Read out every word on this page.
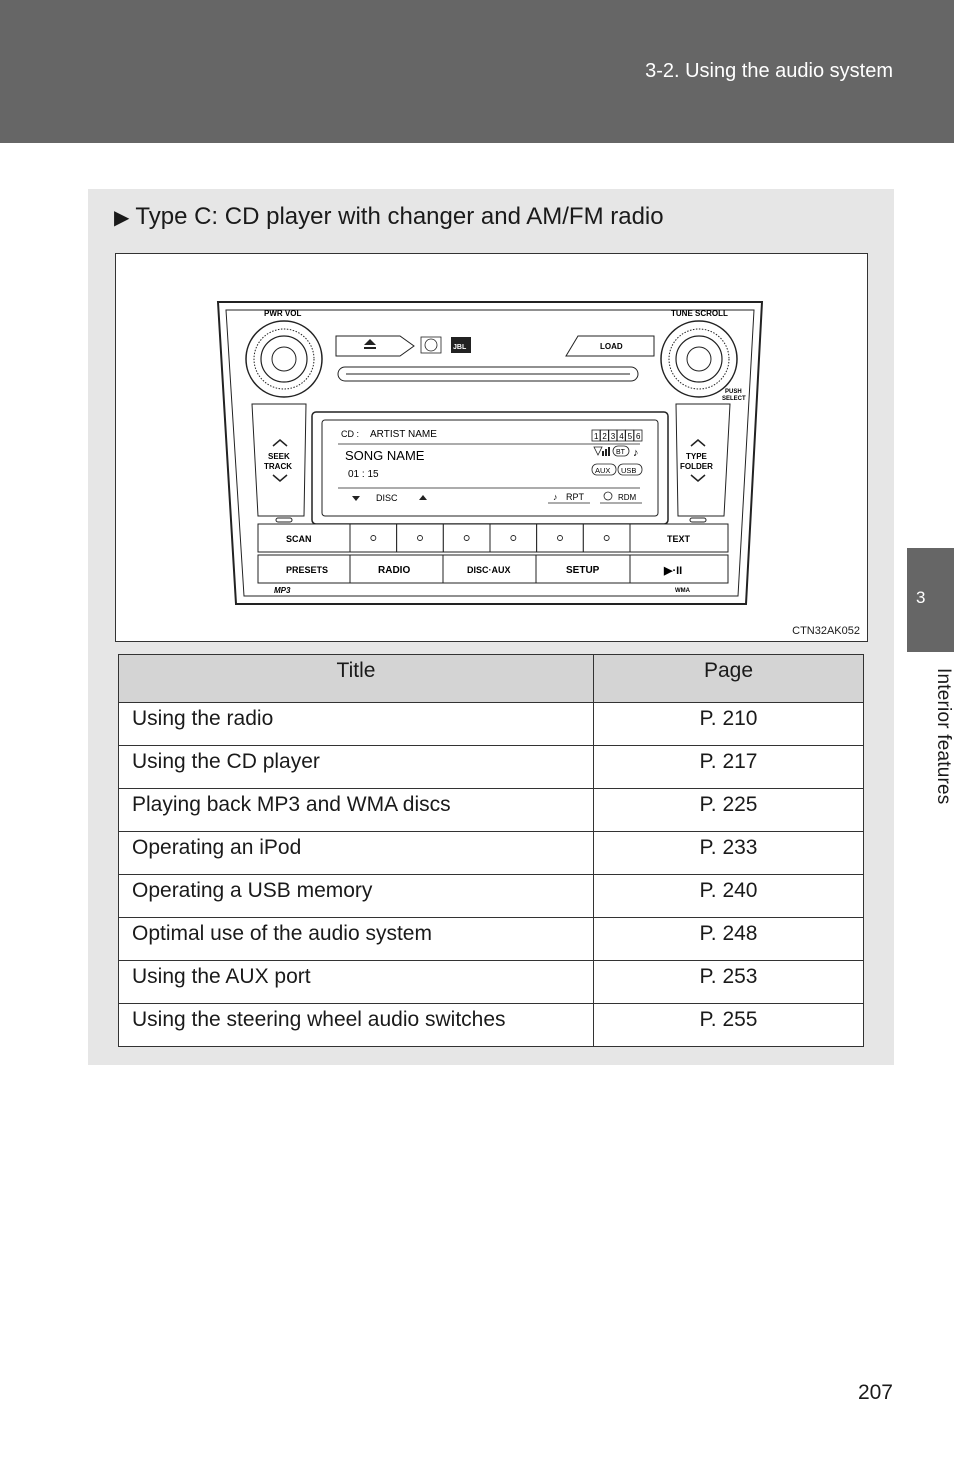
3-2. Using the audio system
3
Interior features
▶ Type C: CD player with changer and AM/FM radio
PWR VOL	TUNE SCROLL
PUSH
SELECT
JBL	LOAD
SEEK
TRACK
TYPE
FOLDER
CD : ARTIST NAME
SONG NAME
01 : 15
DISC
1 2 3 4 5 6
BT ♪
AUX USB
♪ RPT	RDM
SCAN	TEXT
PRESETS	RADIO	DISC·AUX	SETUP	▶·II
MP3	WMA
CTN32AK052
Title	Page
Using the radio	P. 210
Using the CD player	P. 217
Playing back MP3 and WMA discs	P. 225
Operating an iPod	P. 233
Operating a USB memory	P. 240
Optimal use of the audio system	P. 248
Using the AUX port	P. 253
Using the steering wheel audio switches	P. 255
207
